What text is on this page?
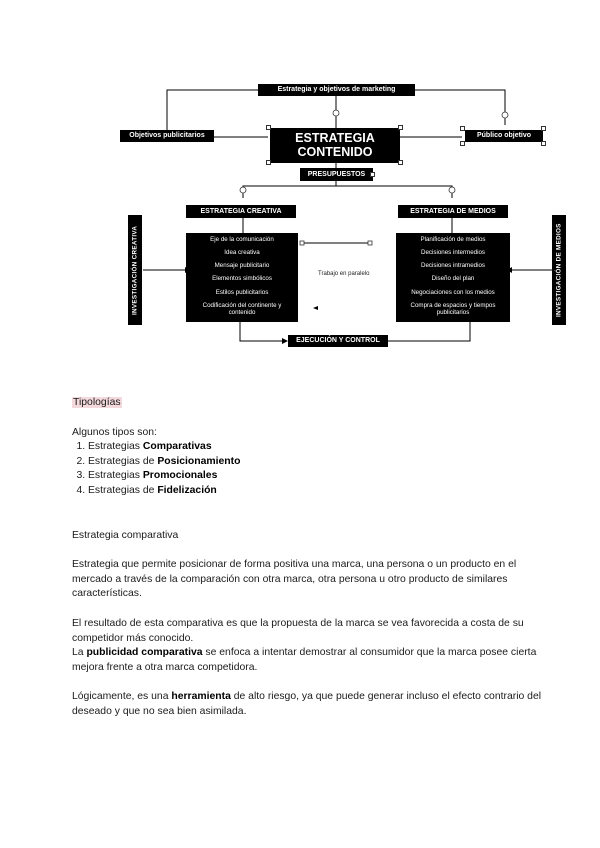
Estrategia y objetivos de marketing
Objetivos publicitarios	Público objetivo
ESTRATEGIA
CONTENIDO
PRESUPUESTOS
ESTRATEGIA CREATIVA	ESTRATEGIA DE MEDIOS
Eje de la comunicación
Idea creativa
Mensaje publicitario
Elementos simbólicos
Estilos publicitarios
Codificación del continente y contenido
Planificación de medios
Decisiones intermedios
Decisiones intramedios
Diseño del plan
Negociaciones con los medios
Compra de espacios y tiempos publicitarios
Trabajo en paralelo
EJECUCIÓN Y CONTROL
INVESTIGACIÓN CREATIVA	INVESTIGACIÓN DE MEDIOS

Tipologías

Algunos tipos son:

1. Estrategias Comparativas
2. Estrategias de Posicionamiento
3. Estrategias Promocionales
4. Estrategias de Fidelización

Estrategia comparativa

Estrategia que permite posicionar de forma positiva una marca, una persona o un producto en el mercado a través de la comparación con otra marca, otra persona u otro producto de similares características.

El resultado de esta comparativa es que la propuesta de la marca se vea favorecida a costa de su competidor más conocido.

La publicidad comparativa se enfoca a intentar demostrar al consumidor que la marca posee cierta mejora frente a otra marca competidora.

Lógicamente, es una herramienta de alto riesgo, ya que puede generar incluso el efecto contrario del deseado y que no sea bien asimilada.
